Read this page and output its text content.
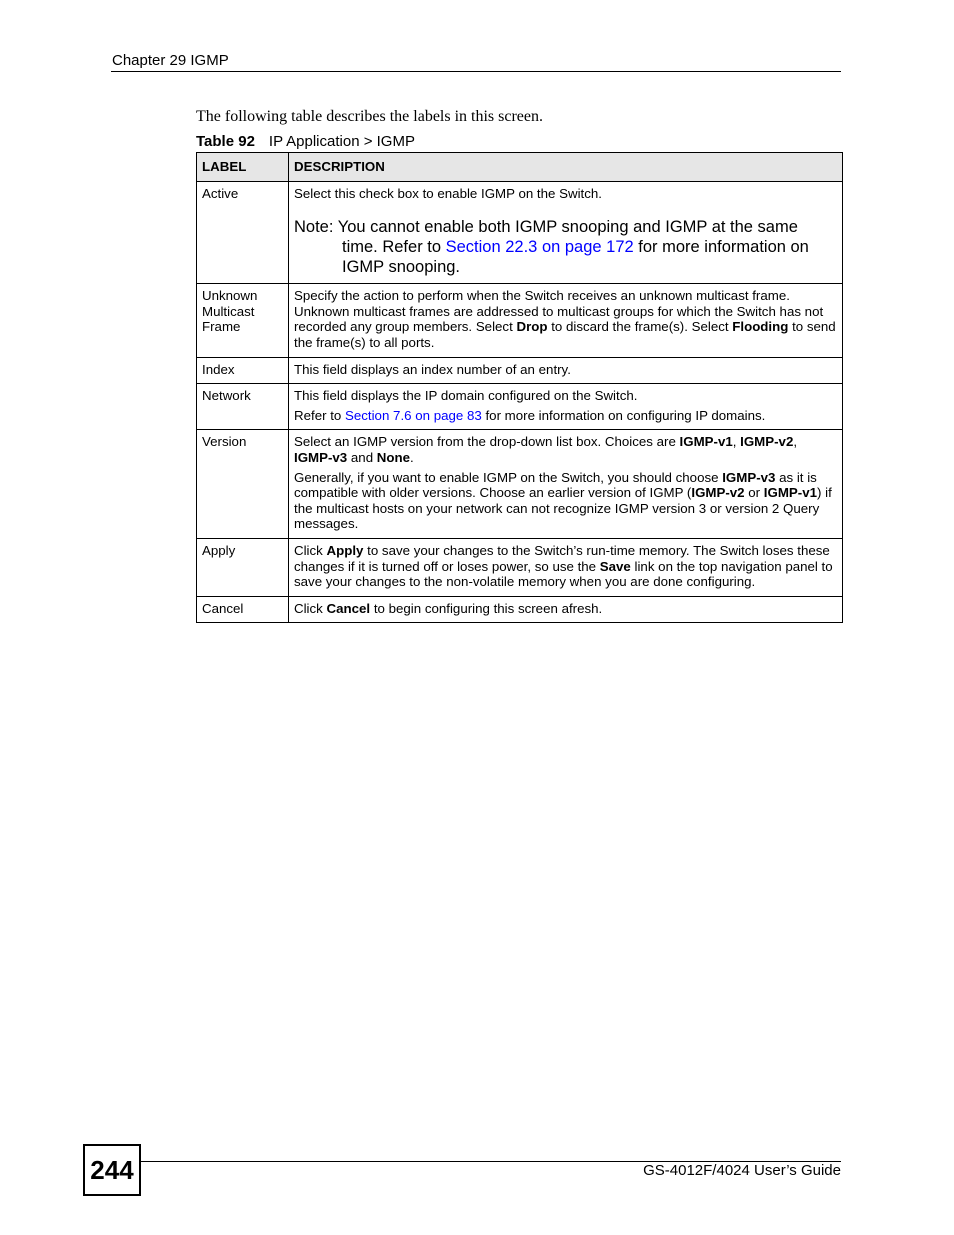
Chapter 29 IGMP
The following table describes the labels in this screen.
Table 92 IP Application > IGMP
LABEL	DESCRIPTION
Active	Select this check box to enable IGMP on the Switch.

Note: You cannot enable both IGMP snooping and IGMP at the same time. Refer to Section 22.3 on page 172 for more information on IGMP snooping.

Unknown Multicast Frame	Specify the action to perform when the Switch receives an unknown multicast frame. Unknown multicast frames are addressed to multicast groups for which the Switch has not recorded any group members. Select Drop to discard the frame(s). Select Flooding to send the frame(s) to all ports.

Index	This field displays an index number of an entry.

Network	This field displays the IP domain configured on the Switch.

Refer to Section 7.6 on page 83 for more information on configuring IP domains.

Version	Select an IGMP version from the drop-down list box. Choices are IGMP-v1, IGMP-v2, IGMP-v3 and None.

Generally, if you want to enable IGMP on the Switch, you should choose IGMP-v3 as it is compatible with older versions. Choose an earlier version of IGMP (IGMP-v2 or IGMP-v1) if the multicast hosts on your network can not recognize IGMP version 3 or version 2 Query messages.

Apply	Click Apply to save your changes to the Switch’s run-time memory. The Switch loses these changes if it is turned off or loses power, so use the Save link on the top navigation panel to save your changes to the non-volatile memory when you are done configuring.

Cancel	Click Cancel to begin configuring this screen afresh.

244	GS-4012F/4024 User’s Guide
